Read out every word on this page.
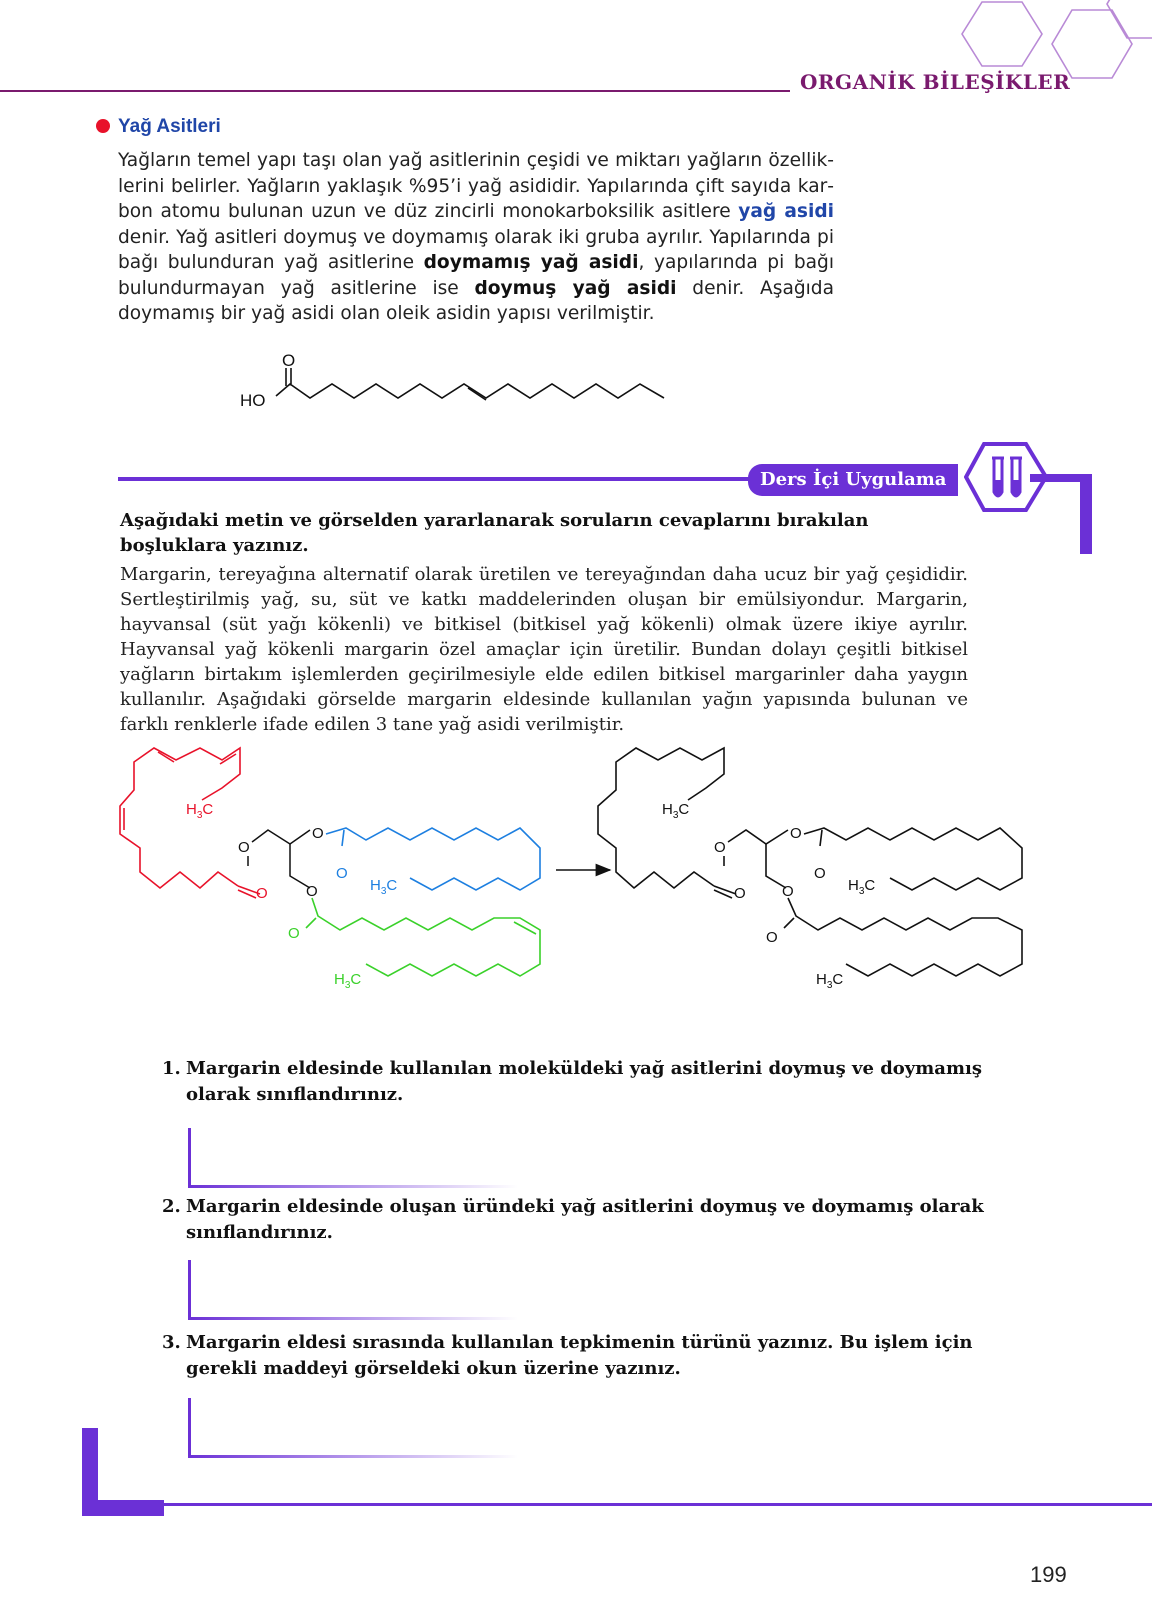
ORGANİK BİLEŞİKLER
Yağ Asitleri

Yağların temel yapı taşı olan yağ asitlerinin çeşidi ve miktarı yağların özelliklerini belirler. Yağların yaklaşık %95’i yağ asididir. Yapılarında çift sayıda karbon atomu bulunan uzun ve düz zincirli monokarboksilik asitlere yağ asidi denir. Yağ asitleri doymuş ve doymamış olarak iki gruba ayrılır. Yapılarında pi bağı bulunduran yağ asitlerine doymamış yağ asidi, yapılarında pi bağı bulundurmayan yağ asitlerine ise doymuş yağ asidi denir. Aşağıda doymamış bir yağ asidi olan oleik asidin yapısı verilmiştir.

O
HO
Ders İçi Uygulama

Aşağıdaki metin ve görselden yararlanarak soruların cevaplarını bırakılan boşluklara yazınız.

Margarin, tereyağına alternatif olarak üretilen ve tereyağından daha ucuz bir yağ çeşididir. Sertleştirilmiş yağ, su, süt ve katkı maddelerinden oluşan bir emülsiyondur. Margarin, hayvansal (süt yağı kökenli) ve bitkisel (bitkisel yağ kökenli) olmak üzere ikiye ayrılır. Hayvansal yağ kökenli margarin özel amaçlar için üretilir. Bundan dolayı çeşitli bitkisel yağların birtakım işlemlerden geçirilmesiyle elde edilen bitkisel margarinler daha yaygın kullanılır. Aşağıdaki görselde margarin eldesinde kullanılan yağın yapısında bulunan ve farklı renklerle ifade edilen 3 tane yağ asidi verilmiştir.

O
O
O
O
O
O
$H_3C$
$H_3C$
$H_3C$
O
O
O
O
O
O
$H_3C$
$H_3C$
$H_3C$
1. Margarin eldesinde kullanılan moleküldeki yağ asitlerini doymuş ve doymamış olarak sınıflandırınız.
2. Margarin eldesinde oluşan üründeki yağ asitlerini doymuş ve doymamış olarak sınıflandırınız.
3. Margarin eldesi sırasında kullanılan tepkimenin türünü yazınız. Bu işlem için gerekli maddeyi görseldeki okun üzerine yazınız.
199
